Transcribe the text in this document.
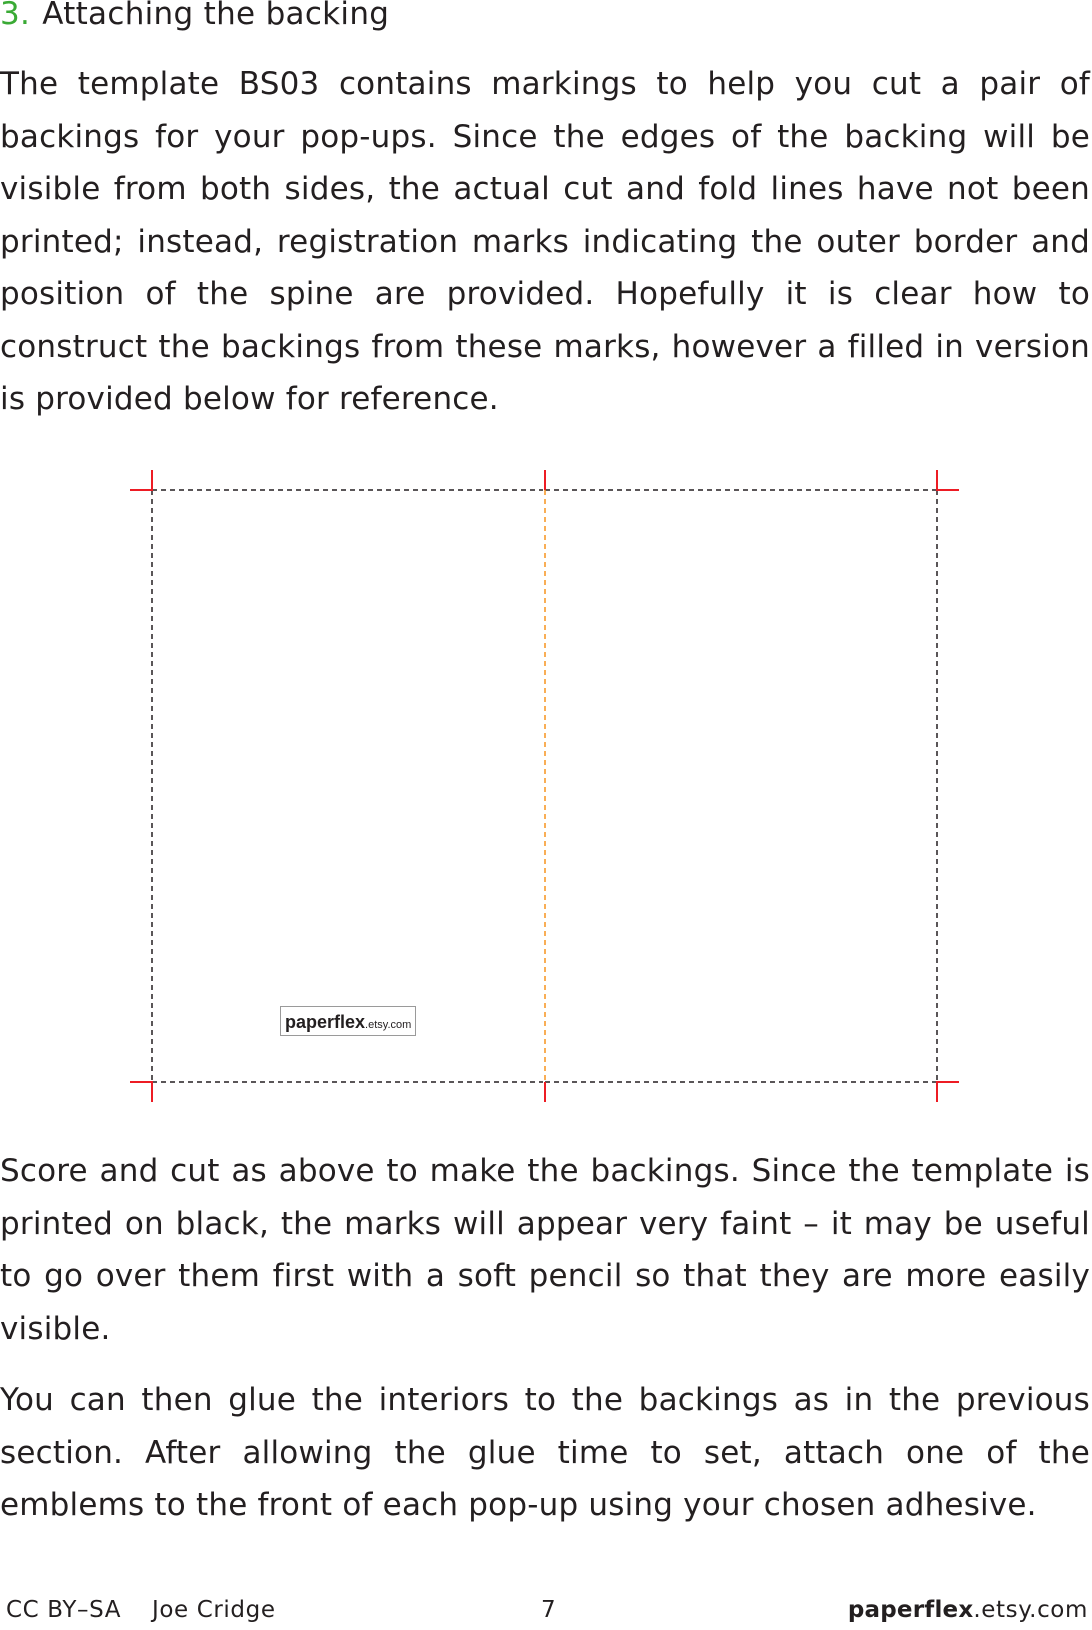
3. Attaching the backing

The template BS03 contains markings to help you cut a pair of backings for your pop-ups. Since the edges of the backing will be visible from both sides, the actual cut and fold lines have not been printed; instead, registration marks indicating the outer border and position of the spine are provided. Hopefully it is clear how to construct the backings from these marks, however a filled in version is provided below for reference.

paperflex.etsy.com

Score and cut as above to make the backings. Since the template is printed on black, the marks will appear very faint – it may be useful to go over them first with a soft pencil so that they are more easily visible.

You can then glue the interiors to the backings as in the previous section. After allowing the glue time to set, attach one of the emblems to the front of each pop-up using your chosen adhesive.

CC BY–SA Joe Cridge	7	paperflex.etsy.com
